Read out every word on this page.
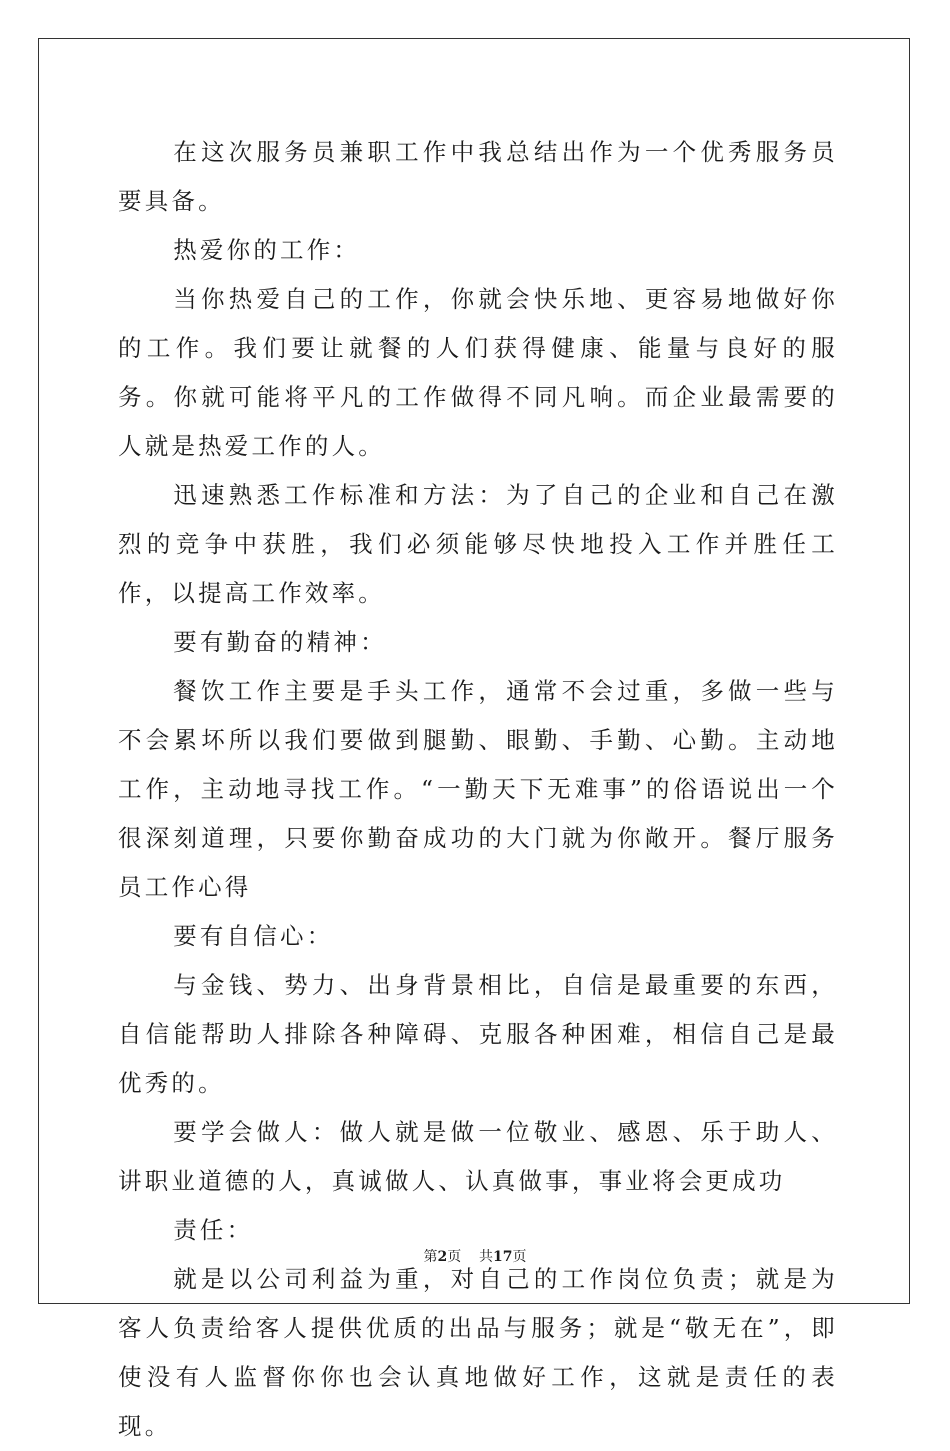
在这次服务员兼职工作中我总结出作为一个优秀服务员要具备。

热爱你的工作：

当你热爱自己的工作，你就会快乐地、更容易地做好你的工作。我们要让就餐的人们获得健康、能量与良好的服务。你就可能将平凡的工作做得不同凡响。而企业最需要的人就是热爱工作的人。

迅速熟悉工作标准和方法：为了自己的企业和自己在激烈的竞争中获胜，我们必须能够尽快地投入工作并胜任工作，以提高工作效率。

要有勤奋的精神：

餐饮工作主要是手头工作，通常不会过重，多做一些与不会累坏所以我们要做到腿勤、眼勤、手勤、心勤。主动地工作，主动地寻找工作。“一勤天下无难事”的俗语说出一个很深刻道理，只要你勤奋成功的大门就为你敞开。餐厅服务员工作心得

要有自信心：

与金钱、势力、出身背景相比，自信是最重要的东西，自信能帮助人排除各种障碍、克服各种困难，相信自己是最优秀的。

要学会做人：做人就是做一位敬业、感恩、乐于助人、讲职业道德的人，真诚做人、认真做事，事业将会更成功

责任：

就是以公司利益为重，对自己的工作岗位负责；就是为客人负责给客人提供优质的出品与服务；就是“敬无在”，即使没有人监督你你也会认真地做好工作，这就是责任的表现。

第2页 共17页
